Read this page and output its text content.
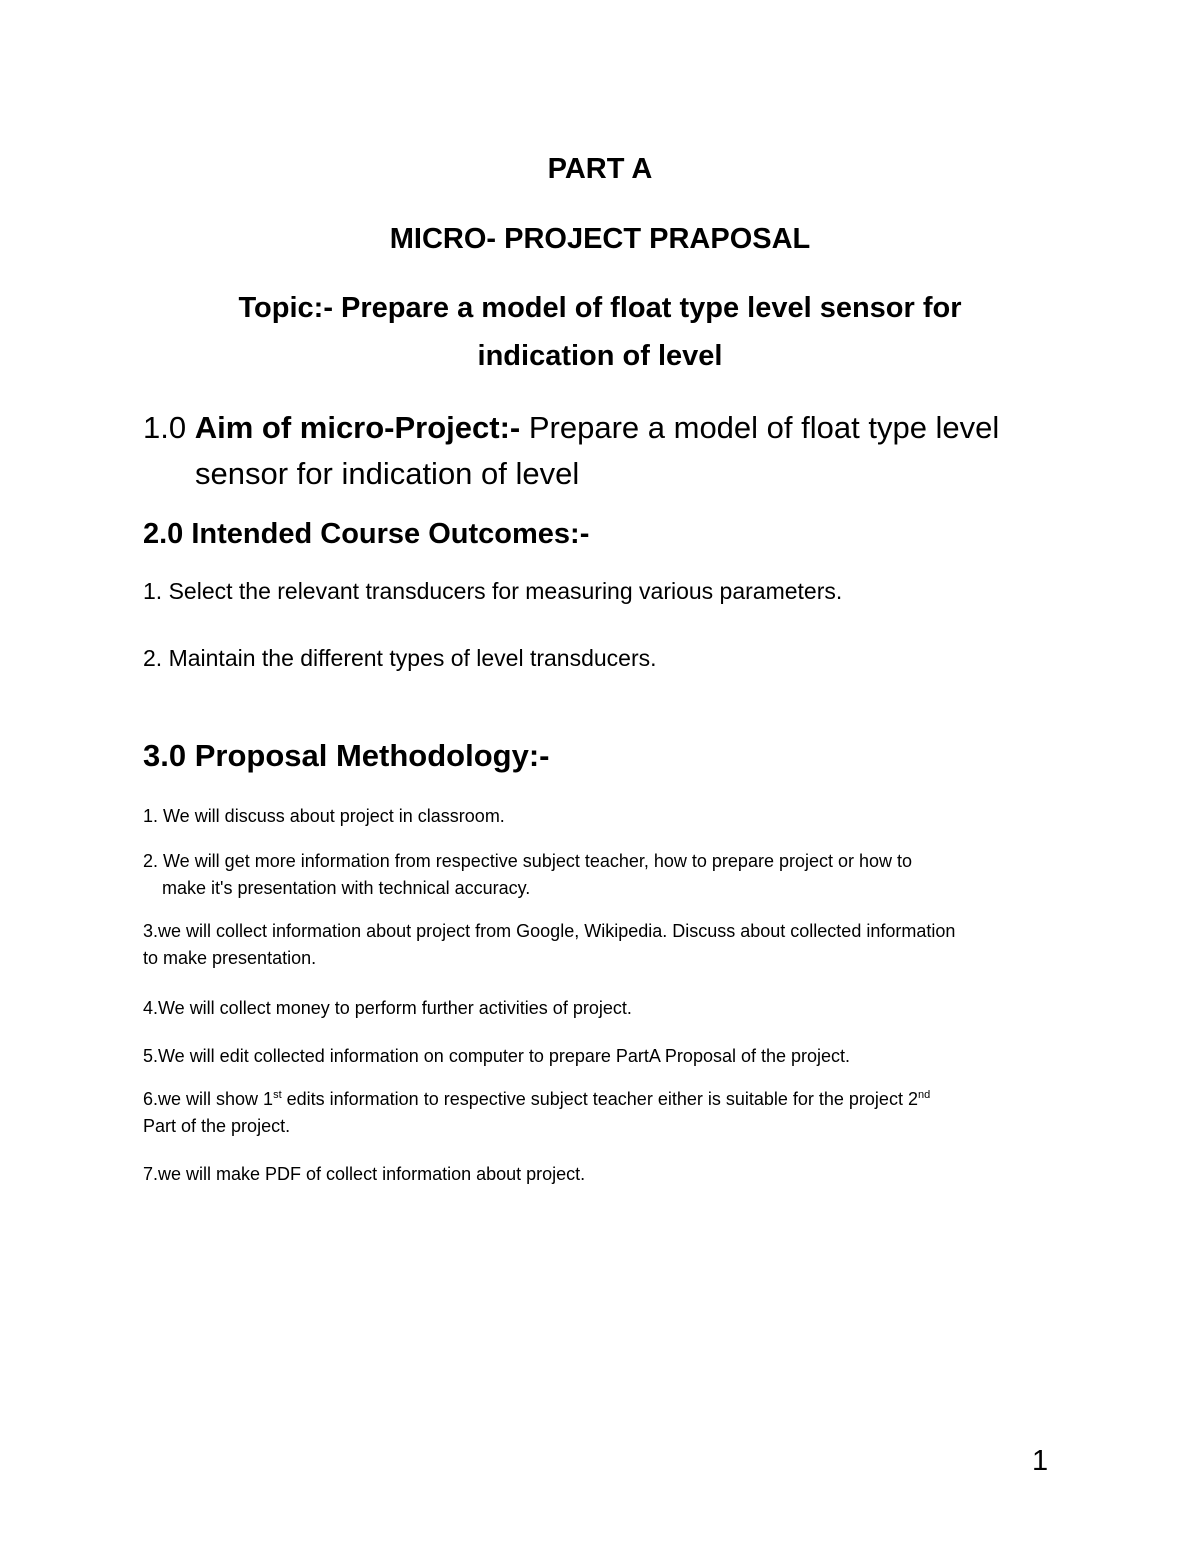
PART A
MICRO- PROJECT PRAPOSAL
Topic:- Prepare a model of float type level sensor for
indication of level
1.0 Aim of micro-Project:- Prepare a model of float type level
sensor for indication of level
2.0 Intended Course Outcomes:-
1. Select the relevant transducers for measuring various parameters.
2. Maintain the different types of level transducers.
3.0 Proposal Methodology:-
1. We will discuss about project in classroom.
2. We will get more information from respective subject teacher, how to prepare project or how to
make it's presentation with technical accuracy.
3.we will collect information about project from Google, Wikipedia. Discuss about collected information
to make presentation.
4.We will collect money to perform further activities of project.
5.We will edit collected information on computer to prepare PartA Proposal of the project.
6.we will show 1st edits information to respective subject teacher either is suitable for the project 2nd
Part of the project.
7.we will make PDF of collect information about project.
1
